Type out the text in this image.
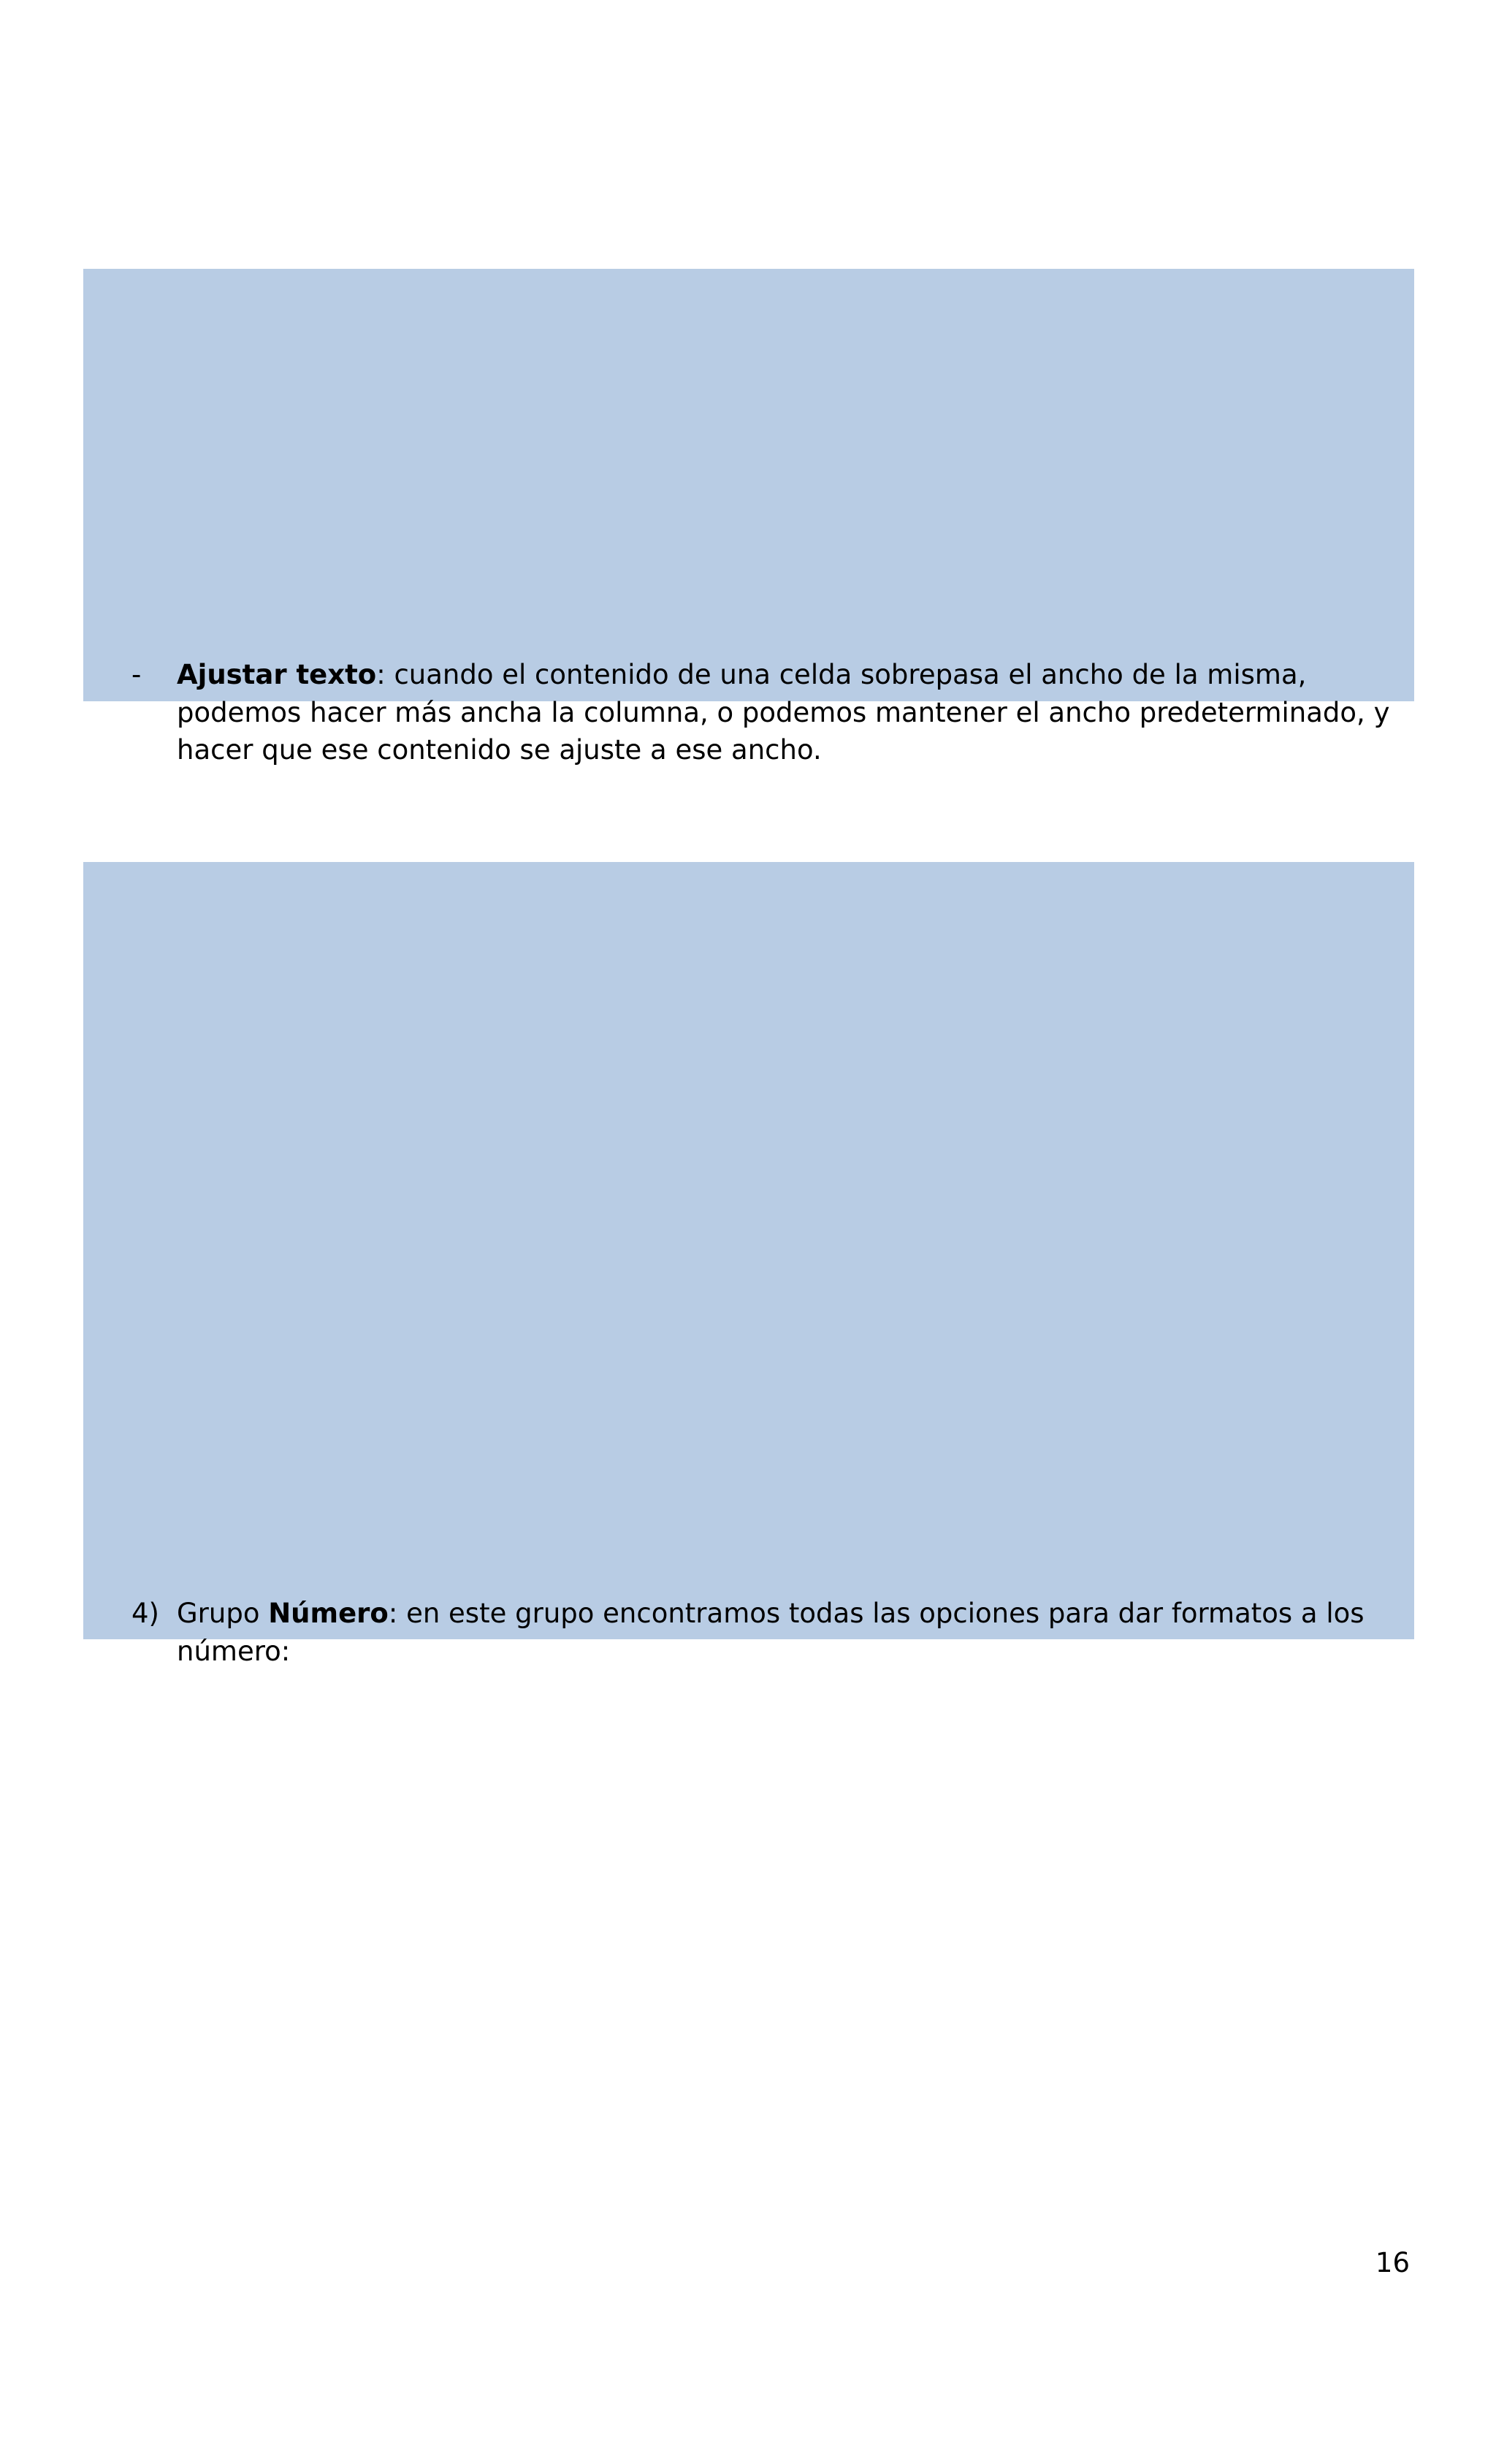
- Ajustar texto: cuando el contenido de una celda sobrepasa el ancho de la misma, podemos hacer más ancha la columna, o podemos mantener el ancho predeterminado, y hacer que ese contenido se ajuste a ese ancho.
4) Grupo Número: en este grupo encontramos todas las opciones para dar formatos a los número:
16
